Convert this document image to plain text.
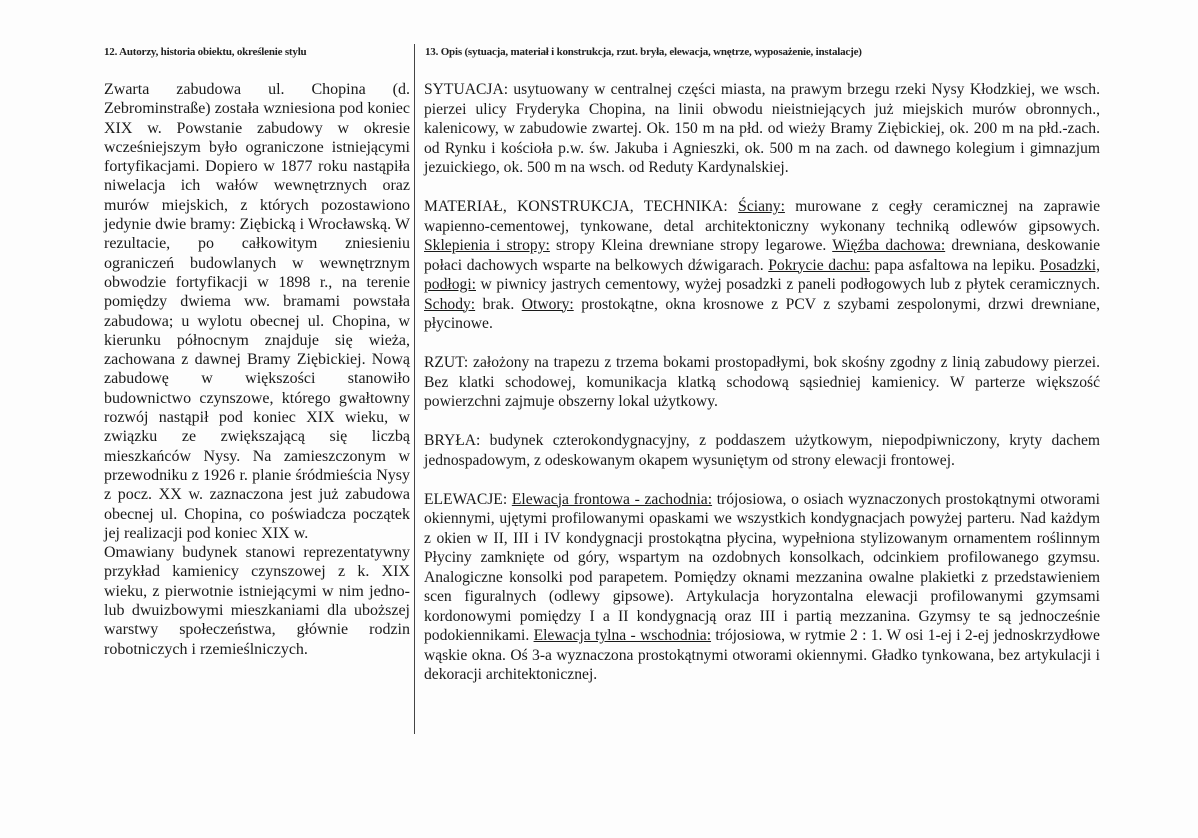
12. Autorzy, historia obiektu, określenie stylu	13. Opis (sytuacja, materiał i konstrukcja, rzut. bryła, elewacja, wnętrze, wyposażenie, instalacje)

Zwarta zabudowa ul. Chopina (d. Zebrominstraße) została wzniesiona pod koniec XIX w. Powstanie zabudowy w okresie wcześniejszym było ograniczone istniejącymi fortyfikacjami. Dopiero w 1877 roku nastąpiła niwelacja ich wałów wewnętrznych oraz murów miejskich, z których pozostawiono jedynie dwie bramy: Ziębicką i Wrocławską. W rezultacie, po całkowitym zniesieniu ograniczeń budowlanych w wewnętrznym obwodzie fortyfikacji w 1898 r., na terenie pomiędzy dwiema ww. bramami powstała zabudowa; u wylotu obecnej ul. Chopina, w kierunku północnym znajduje się wieża, zachowana z dawnej Bramy Ziębickiej. Nową zabudowę w większości stanowiło budownictwo czynszowe, którego gwałtowny rozwój nastąpił pod koniec XIX wieku, w związku ze zwiększającą się liczbą mieszkańców Nysy. Na zamieszczonym w przewodniku z 1926 r. planie śródmieścia Nysy z pocz. XX w. zaznaczona jest już zabudowa obecnej ul. Chopina, co poświadcza początek jej realizacji pod koniec XIX w.

Omawiany budynek stanowi reprezentatywny przykład kamienicy czynszowej z k. XIX wieku, z pierwotnie istniejącymi w nim jedno- lub dwuizbowymi mieszkaniami dla uboższej warstwy społeczeństwa, głównie rodzin robotniczych i rzemieślniczych.

SYTUACJA: usytuowany w centralnej części miasta, na prawym brzegu rzeki Nysy Kłodzkiej, we wsch. pierzei ulicy Fryderyka Chopina, na linii obwodu nieistniejących już miejskich murów obronnych., kalenicowy, w zabudowie zwartej. Ok. 150 m na płd. od wieży Bramy Ziębickiej, ok. 200 m na płd.-zach. od Rynku i kościoła p.w. św. Jakuba i Agnieszki, ok. 500 m na zach. od dawnego kolegium i gimnazjum jezuickiego, ok. 500 m na wsch. od Reduty Kardynalskiej.

MATERIAŁ, KONSTRUKCJA, TECHNIKA: Ściany: murowane z cegły ceramicznej na zaprawie wapienno-cementowej, tynkowane, detal architektoniczny wykonany techniką odlewów gipsowych. Sklepienia i stropy: stropy Kleina drewniane stropy legarowe. Więźba dachowa: drewniana, deskowanie połaci dachowych wsparte na belkowych dźwigarach. Pokrycie dachu: papa asfaltowa na lepiku. Posadzki, podłogi: w piwnicy jastrych cementowy, wyżej posadzki z paneli podłogowych lub z płytek ceramicznych. Schody: brak. Otwory: prostokątne, okna krosnowe z PCV z szybami zespolonymi, drzwi drewniane, płycinowe.

RZUT: założony na trapezu z trzema bokami prostopadłymi, bok skośny zgodny z linią zabudowy pierzei. Bez klatki schodowej, komunikacja klatką schodową sąsiedniej kamienicy. W parterze większość powierzchni zajmuje obszerny lokal użytkowy.

BRYŁA: budynek czterokondygnacyjny, z poddaszem użytkowym, niepodpiwniczony, kryty dachem jednospadowym, z odeskowanym okapem wysuniętym od strony elewacji frontowej.

ELEWACJE: Elewacja frontowa - zachodnia: trójosiowa, o osiach wyznaczonych prostokątnymi otworami okiennymi, ujętymi profilowanymi opaskami we wszystkich kondygnacjach powyżej parteru. Nad każdym z okien w II, III i IV kondygnacji prostokątna płycina, wypełniona stylizowanym ornamentem roślinnym Płyciny zamknięte od góry, wspartym na ozdobnych konsolkach, odcinkiem profilowanego gzymsu. Analogiczne konsolki pod parapetem. Pomiędzy oknami mezzanina owalne plakietki z przedstawieniem scen figuralnych (odlewy gipsowe). Artykulacja horyzontalna elewacji profilowanymi gzymsami kordonowymi pomiędzy I a II kondygnacją oraz III i partią mezzanina. Gzymsy te są jednocześnie podokiennikami. Elewacja tylna - wschodnia: trójosiowa, w rytmie 2 : 1. W osi 1-ej i 2-ej jednoskrzydłowe wąskie okna. Oś 3-a wyznaczona prostokątnymi otworami okiennymi. Gładko tynkowana, bez artykulacji i dekoracji architektonicznej.
